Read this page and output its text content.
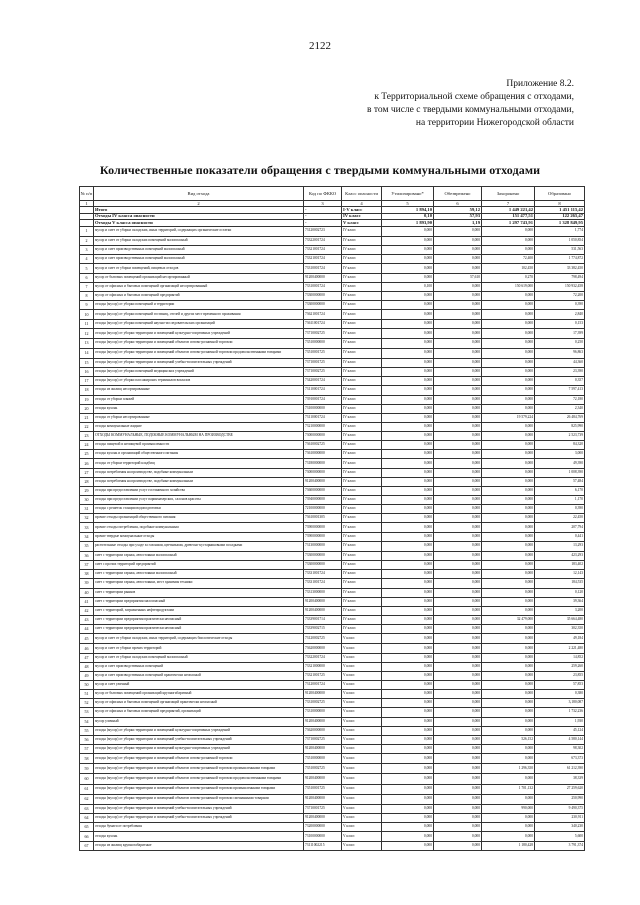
2122
Приложение 8.2.
к Территориальной схеме обращения с отходами,
в том числе с твердыми коммунальными отходами,
на территории Нижегородской области
Количественные показатели обращения с твердыми коммунальными отходами
№ п/п	Вид отхода	Код по ФККО	Класс опасности	Утилизировано*	Обезврежено	Захоронено	Образовано
1	2	3	4	5	6	7	8
	Итого	-	I-V класс	1 894,10	59,12	1 449 221,42	1 451 115,42
	Отходы IV класса опасности	-	IV класс	0,10	57,93	151 477,51	122 265,47
	Отходы V класса опасности	-	V класс	1 893,90	1,19	1 297 743,91	1 328 849,95
1	мусор и смет от уборки складских, иных территорий, содержащих органические остатки	73120002723	IV класс	0,000	0,000	0,000	1,774
2	мусор и смет от уборки складских помещений малоопасный	73322001724	IV класс	0,000	0,000	0,000	1 050,854
3	мусор и смет производственных помещений малоопасный	73321001724	IV класс	0,000	0,000	0,000	531,563
4	мусор и смет производственных помещений малоопасный	73321001724	IV класс	0,000	0,000	72,400	1 774,872
5	мусор и смет от уборки помещений, пищевых отходов	73310001724	IV класс	0,000	0,000	102,450	33 382,450
6	мусор от бытовых помещений организаций несортированный	91200400000	IV класс	0,000	57,610	0,270	798,494
7	мусор от офисных и бытовых помещений организаций несортированный	73310001724	IV класс	0,100	0,000	150 619,000	150 932,458
8	мусор от офисных и бытовых помещений предприятий	73300000000	IV класс	0,000	0,000	0,000	72,200
9	отходы (мусор) от уборки помещений и территории	73300000000	IV класс	0,000	0,000	0,000	0,390
10	отходы (мусор) от уборки помещений гостиниц, отелей и других мест временного проживания	73621001724	IV класс	0,000	0,000	0,000	2,840
11	отходы (мусор) от уборки помещений научно-исследовательских организаций	73611001724	IV класс	0,000	0,000	0,000	0,153
12	отходы (мусор) от уборки территории и помещений культурно-спортивных учреждений	73710002725	IV класс	0,000	0,000	0,000	17,399
13	отходы (мусор) от уборки территории и помещений объектов оптово-розничной торговли	73510000000	IV класс	0,000	0,000	0,000	0,250
14	отходы (мусор) от уборки территории и помещений объектов оптово-розничной торговли продовольственными товарами	73510001725	IV класс	0,000	0,000	0,000	96,863
15	отходы (мусор) от уборки территории и помещений учебно-воспитательных учреждений	73710001725	IV класс	0,000	0,000	0,000	44,360
16	отходы (мусор) от уборки помещений медицинских учреждений	73710002725	IV класс	0,000	0,000	0,000	23,390
17	отходы (мусор) от уборки пассажирских терминалов вокзалов	73420001724	IV класс	0,000	0,000	0,000	0,357
18	отходы из жилищ несортированные	73110001724	IV класс	0,000	0,000	0,000	7 597,413
19	отходы от уборки пляжей	73910001724	IV класс	0,000	0,000	0,000	72,180
20	отходы кухонь	73100000000	IV класс	0,000	0,000	0,000	2,340
21	отходы от уборки несортированные	73110001724	IV класс	0,000	0,000	19 579,224	26 484,769
22	отходы коммунальные жидкие	73210000000	IV класс	0,000	0,000	0,000	825,990
23	ОТХОДЫ КОММУНАЛЬНЫЕ, ПОДОБНЫЕ КОММУНАЛЬНЫМ НА ПРОИЗВОДСТВЕ	73000000000	IV класс	0,000	0,000	0,000	2 523,739
24	отходы пищевой и непищевой промышленности	73610002725	IV класс	0,000	0,000	0,000	84,320
25	отходы кухонь и организаций общественного питания	73610000000	IV класс	0,000	0,000	0,000	3,000
26	отходы от уборки территорий кладбищ	73180000000	IV класс	0,000	0,000	0,000	49,390
27	отходы потребления на производстве, подобные коммунальным	73000000000	IV класс	0,000	0,000	0,000	1 008,390
28	отходы потребления на производстве, подобные коммунальным	91200400000	IV класс	0,000	0,000	0,000	57,484
29	отходы при предоставлении услуг гостиничного хозяйства	73600000000	IV класс	0,000	0,000	0,000	6,170
30	отходы при предоставлении услуг парикмахерских, салонов красоты	73940000000	IV класс	0,000	0,000	0,000	1,170
31	отходы с решеток станции водоподготовки	72100000000	IV класс	0,000	0,000	0,000	0,390
32	прочие отходы организаций общественного питания	73610001305	IV класс	0,000	0,000	0,000	22,450
33	прочие отходы потребления, подобные коммунальным	73900000000	IV класс	0,000	0,000	0,000	207,794
34	прочие твердые коммунальные отходы	73900000000	IV класс	0,000	0,000	0,000	0,441
35	растительные отходы при уходе за газонами, цветниками, древесно-кустарниковыми посадками	73130000000	IV класс	0,000	0,000	0,000	13,293
36	смет с территории гаража, автостоянки малоопасный	73300000000	IV класс	0,000	0,000	0,000	423,293
37	смет с прочих территорий предприятий	73300000000	IV класс	0,000	0,000	0,000	183,402
38	смет с территории гаража, автостоянки малоопасный	73331001724	IV класс	0,000	0,000	0,000	12,143
39	смет с территории гаража, автостоянки, мест хранения техники	73331001724	IV класс	0,000	0,000	0,000	184,535
40	смет с территории рынков	73313000000	IV класс	0,000	0,000	0,000	0,120
41	смет с территории предприятия малоопасный	91200400000	IV класс	0,000	0,000	0,000	39,364
42	смет с территорий, загрязненных нефтепродуктами	91200400000	IV класс	0,000	0,000	0,000	3,200
43	смет с территории предприятия практически неопасный	73339001714	IV класс	0,000	0,000	32 479,000	35 664,480
44	смет с территории предприятия практически неопасный	73339002715	IV класс	0,000	0,000	0,000	302,350
45	мусор и смет от уборки складских, иных территорий, содержащих биологические отходы	73120002725	V класс	0,000	0,000	0,000	49,184
46	мусор и смет от уборки прочих территорий	73620000000	V класс	0,000	0,000	0,000	2 221,480
47	мусор и смет от уборки складских помещений малоопасный	73322001724	V класс	0,000	0,000	0,000	14,852
48	мусор и смет производственных помещений	73321000000	V класс	0,000	0,000	0,000	259,260
49	мусор и смет производственных помещений практически неопасный	73321001725	V класс	0,000	0,000	0,000	23,855
50	мусор и смет уличный	73120001724	V класс	0,000	0,000	0,000	57,853
51	мусор от бытовых помещений организаций крупногабаритный	91200400000	V класс	0,000	0,000	0,000	0,380
52	мусор от офисных и бытовых помещений организаций практически неопасный	73310002725	V класс	0,000	0,000	0,000	3,180,087
53	мусор от офисных и бытовых помещений предприятий, организаций	73310000000	V класс	0,000	0,000	0,000	1 732,236
54	мусор уличный	91200400000	V класс	0,000	0,000	0,000	1,930
55	отходы (мусор) от уборки территории и помещений культурно-спортивных учреждений	73620000000	V класс	0,000	0,000	0,000	45,124
56	отходы (мусор) от уборки территории и помещений учебно-воспитательных учреждений	73710002725	V класс	0,000	0,000	526,152	4 580,144
57	отходы (мусор) от уборки территории и помещений культурно-спортивных учреждений	91200400000	V класс	0,000	0,000	0,000	98,302
58	отходы (мусор) от уборки территории и помещений объектов оптово-розничной торговли	73510000000	V класс	0,000	0,000	0,000	673,373
59	отходы (мусор) от уборки территории и помещений объектов оптово-розничной торговли промышленными товарами	73510002725	V класс	0,000	0,000	1 296,350	61 212,390
60	отходы (мусор) от уборки территории и помещений объектов оптово-розничной торговли продовольственными товарами	91200400000	V класс	0,000	0,000	0,000	38,339
61	отходы (мусор) от уборки территории и помещений объектов оптово-розничной торговли промышленными товарами	73510001725	V класс	0,000	0,000	1 701,132	27 259,620
62	отходы (мусор) от уборки территории и помещений объектов оптово-розничной торговли смешанными товарами	91200400000	V класс	0,000	0,000	0,000	250,990
63	отходы (мусор) от уборки территории и помещений учебно-воспитательных учреждений	73710001725	V класс	0,000	0,000	990,000	9 490,375
64	отходы (мусор) от уборки территории и помещений учебно-воспитательных учреждений	91200400000	V класс	0,000	0,000	0,000	230,911
65	отходы бумаги от потребления	73200000000	V класс	0,000	0,000	0,000	340,230
66	отходы кухонь	73100000000	V класс	0,000	0,000	0,000	5,600
67	отходы из жилищ крупногабаритные	73111002215	V класс	0,000	0,000	1 180,428	3 791,374
